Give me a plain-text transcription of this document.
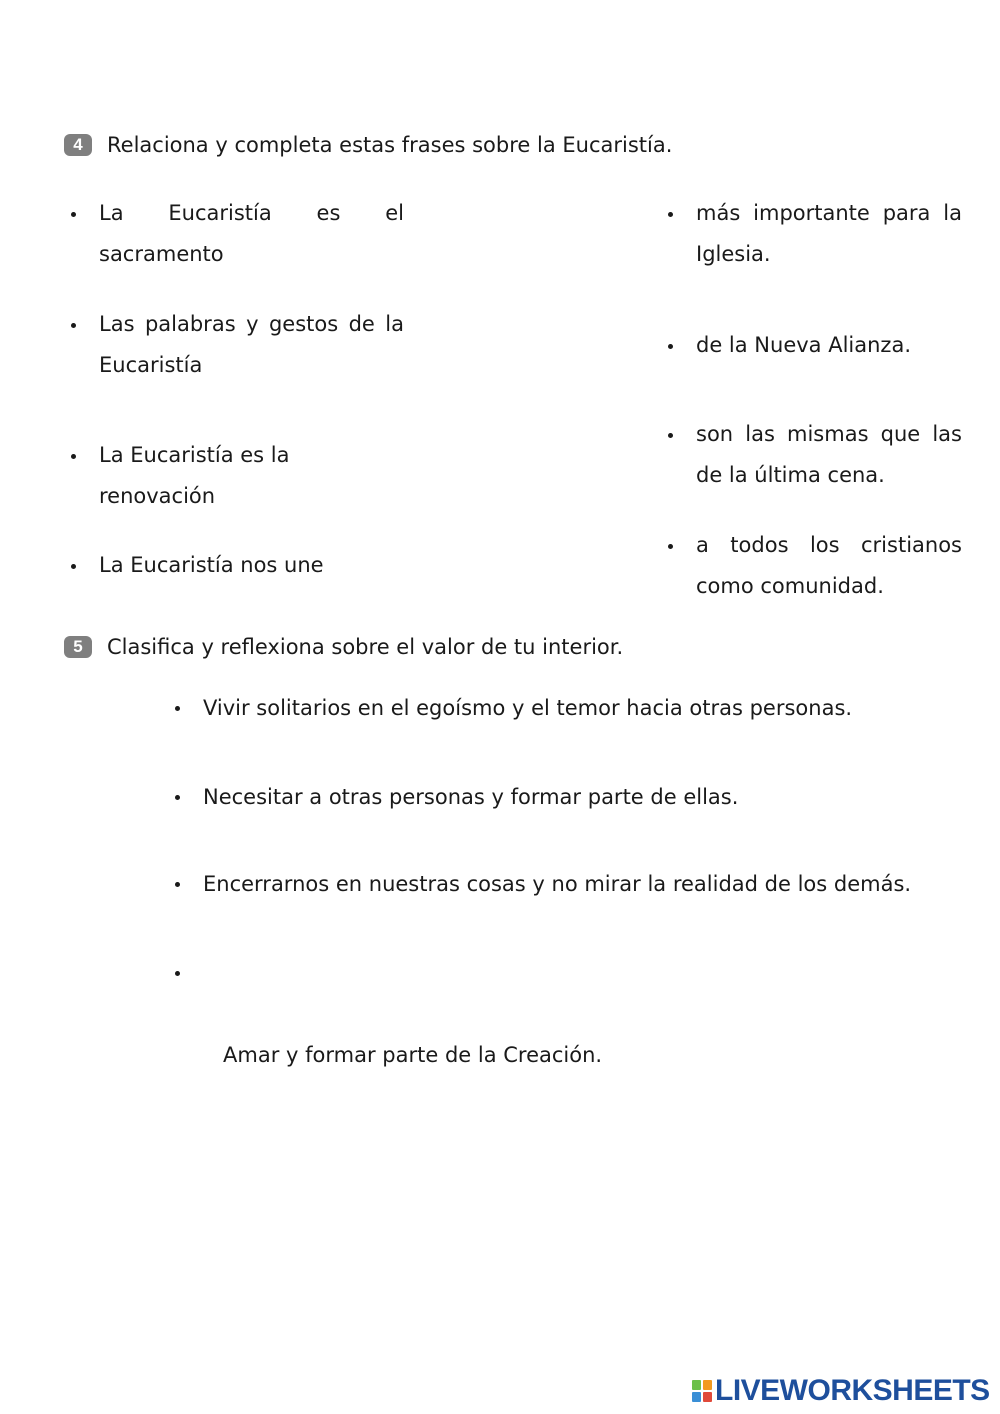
4	Relaciona y completa estas frases sobre la Eucaristía.
La Eucaristía es el sacramento
Las palabras y gestos de la Eucaristía
La Eucaristía es la renovación
La Eucaristía nos une
más importante para la Iglesia.
de la Nueva Alianza.
son las mismas que las de la última cena.
a todos los cristianos como comunidad.
5	Clasifica y reflexiona sobre el valor de tu interior.
Vivir solitarios en el egoísmo y el temor hacia otras personas.
Necesitar a otras personas y formar parte de ellas.
Encerrarnos en nuestras cosas y no mirar la realidad de los demás.

Amar y formar parte de la Creación.

LIVEWORKSHEETS
